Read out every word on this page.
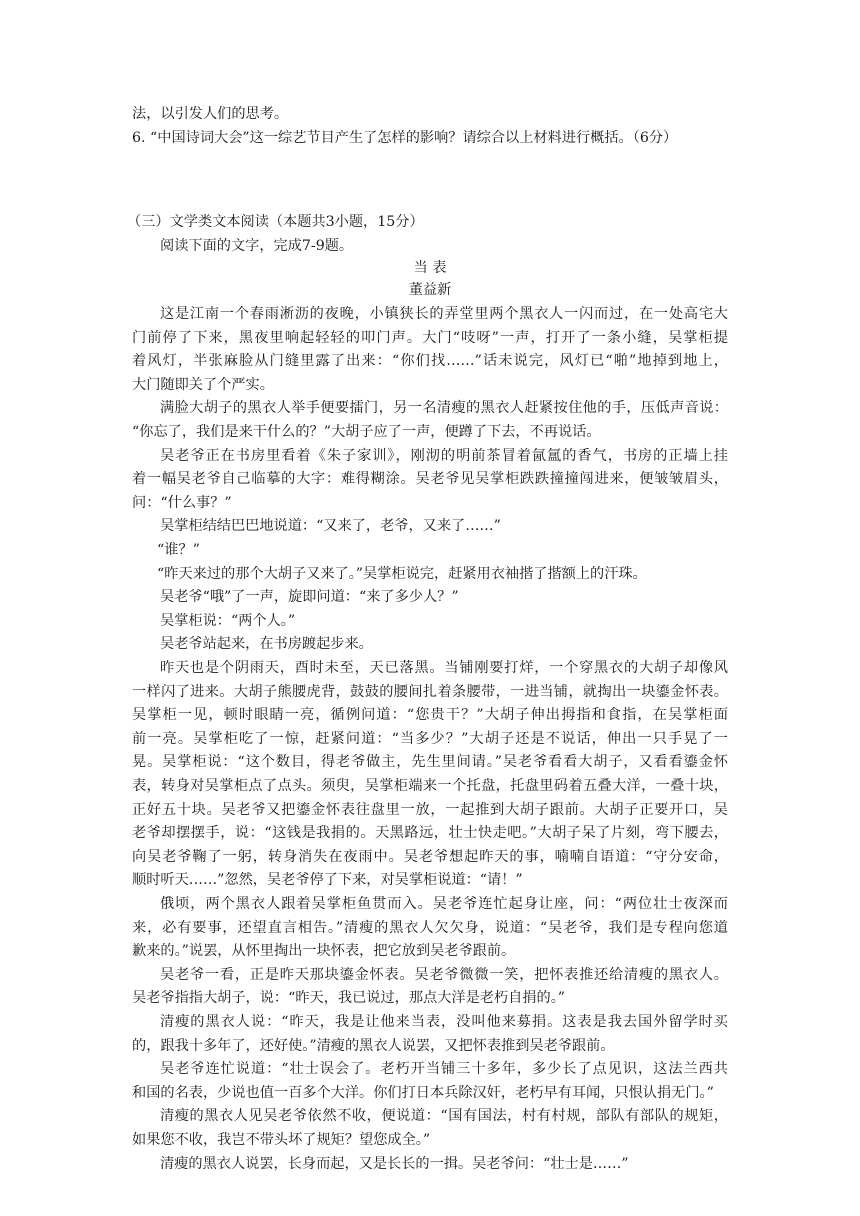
法，以引发人们的思考。
6. “中国诗词大会”这一综艺节目产生了怎样的影响？请综合以上材料进行概括。（6分）
（三）文学类文本阅读（本题共3小题，15分）
阅读下面的文字，完成7-9题。
当 表
董益新
这是江南一个春雨淅沥的夜晚，小镇狭长的弄堂里两个黑衣人一闪而过，在一处高宅大
门前停了下来，黑夜里响起轻轻的叩门声。大门“吱呀”一声，打开了一条小缝，吴掌柜提
着风灯，半张麻脸从门缝里露了出来：“你们找……”话未说完，风灯已“啪”地掉到地上，
大门随即关了个严实。
满脸大胡子的黑衣人举手便要擂门，另一名清瘦的黑衣人赶紧按住他的手，压低声音说：
“你忘了，我们是来干什么的？”大胡子应了一声，便蹲了下去，不再说话。
吴老爷正在书房里看着《朱子家训》，刚沏的明前茶冒着氤氲的香气，书房的正墙上挂
着一幅吴老爷自己临摹的大字：难得糊涂。吴老爷见吴掌柜跌跌撞撞闯进来，便皱皱眉头，
问：“什么事？”
吴掌柜结结巴巴地说道：“又来了，老爷，又来了……”
“谁？”
“昨天来过的那个大胡子又来了。”吴掌柜说完，赶紧用衣袖揩了揩额上的汗珠。
吴老爷“哦”了一声，旋即问道：“来了多少人？”
吴掌柜说：“两个人。”
吴老爷站起来，在书房踱起步来。
昨天也是个阴雨天，酉时未至，天已落黑。当铺刚要打烊，一个穿黑衣的大胡子却像风
一样闪了进来。大胡子熊腰虎背，鼓鼓的腰间扎着条腰带，一进当铺，就掏出一块鎏金怀表。
吴掌柜一见，顿时眼睛一亮，循例问道：“您贵干？”大胡子伸出拇指和食指，在吴掌柜面
前一亮。吴掌柜吃了一惊，赶紧问道：“当多少？”大胡子还是不说话，伸出一只手晃了一
晃。吴掌柜说：“这个数目，得老爷做主，先生里间请。”吴老爷看看大胡子，又看看鎏金怀
表，转身对吴掌柜点了点头。须臾，吴掌柜端来一个托盘，托盘里码着五叠大洋，一叠十块，
正好五十块。吴老爷又把鎏金怀表往盘里一放，一起推到大胡子跟前。大胡子正要开口，吴
老爷却摆摆手，说：“这钱是我捐的。天黑路远，壮士快走吧。”大胡子呆了片刻，弯下腰去，
向吴老爷鞠了一躬，转身消失在夜雨中。吴老爷想起昨天的事，喃喃自语道：“守分安命，
顺时听天……”忽然，吴老爷停了下来，对吴掌柜说道：“请！”
俄顷，两个黑衣人跟着吴掌柜鱼贯而入。吴老爷连忙起身让座，问：“两位壮士夜深而
来，必有要事，还望直言相告。”清瘦的黑衣人欠欠身，说道：“吴老爷，我们是专程向您道
歉来的。”说罢，从怀里掏出一块怀表，把它放到吴老爷跟前。
吴老爷一看，正是昨天那块鎏金怀表。吴老爷微微一笑，把怀表推还给清瘦的黑衣人。
吴老爷指指大胡子，说：“昨天，我已说过，那点大洋是老朽自捐的。”
清瘦的黑衣人说：“昨天，我是让他来当表，没叫他来募捐。这表是我去国外留学时买
的，跟我十多年了，还好使。”清瘦的黑衣人说罢，又把怀表推到吴老爷跟前。
吴老爷连忙说道：“壮士误会了。老朽开当铺三十多年，多少长了点见识，这法兰西共
和国的名表，少说也值一百多个大洋。你们打日本兵除汉奸，老朽早有耳闻，只恨认捐无门。”
清瘦的黑衣人见吴老爷依然不收，便说道：“国有国法，村有村规，部队有部队的规矩，
如果您不收，我岂不带头坏了规矩？望您成全。”
清瘦的黑衣人说罢，长身而起，又是长长的一揖。吴老爷问：“壮士是……”
